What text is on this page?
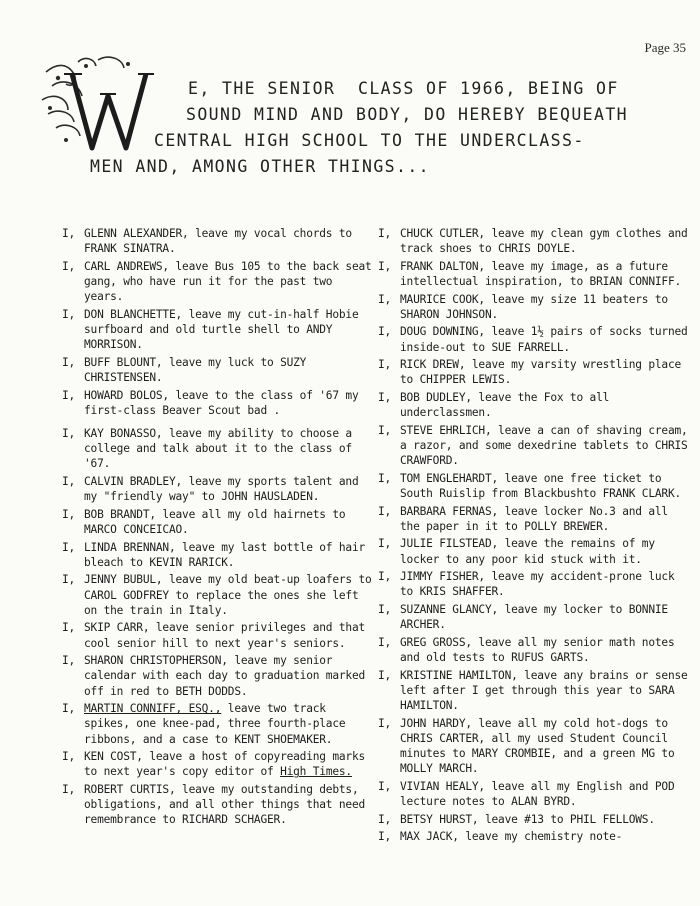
Page 35
E, THE SENIOR  CLASS OF 1966, BEING OF
SOUND MIND AND BODY, DO HEREBY BEQUEATH
CENTRAL HIGH SCHOOL TO THE UNDERCLASS-
MEN AND, AMONG OTHER THINGS...
I, GLENN ALEXANDER, leave my vocal chords to FRANK SINATRA.
I, CARL ANDREWS, leave Bus 105 to the back seat gang, who have run it for the past two years.
I, DON BLANCHETTE, leave my cut-in-half Hobie surfboard and old turtle shell to ANDY MORRISON.
I, BUFF BLOUNT, leave my luck to SUZY CHRISTENSEN.
I, HOWARD BOLOS, leave to the class of '67 my first-class Beaver Scout bad .
I, KAY BONASSO, leave my ability to choose a college and talk about it to the class of '67.
I, CALVIN BRADLEY, leave my sports talent and my "friendly way" to JOHN HAUSLADEN.
I, BOB BRANDT, leave all my old hairnets to MARCO CONCEICAO.
I, LINDA BRENNAN, leave my last bottle of hair bleach to KEVIN RARICK.
I, JENNY BUBUL, leave my old beat-up loafers to CAROL GODFREY to replace the ones she left on the train in Italy.
I, SKIP CARR, leave senior privileges and that cool senior hill to next year's seniors.
I, SHARON CHRISTOPHERSON, leave my senior calendar with each day to graduation marked off in red to BETH DODDS.
I, MARTIN CONNIFF, ESQ., leave two track spikes, one knee-pad, three fourth-place ribbons, and a case to KENT SHOEMAKER.
I, KEN COST, leave a host of copyreading marks to next year's copy editor of High Times.
I, ROBERT CURTIS, leave my outstanding debts, obligations, and all other things that need remembrance to RICHARD SCHAGER.
I, CHUCK CUTLER, leave my clean gym clothes and track shoes to CHRIS DOYLE.
I, FRANK DALTON, leave my image, as a future intellectual inspiration, to BRIAN CONNIFF.
I, MAURICE COOK, leave my size 11 beaters to SHARON JOHNSON.
I, DOUG DOWNING, leave 1½ pairs of socks turned inside-out to SUE FARRELL.
I, RICK DREW, leave my varsity wrestling place to CHIPPER LEWIS.
I, BOB DUDLEY, leave the Fox to all underclassmen.
I, STEVE EHRLICH, leave a can of shaving cream, a razor, and some dexedrine tablets to CHRIS CRAWFORD.
I, TOM ENGLEHARDT, leave one free ticket to South Ruislip from Blackbushto FRANK CLARK.
I, BARBARA FERNAS, leave locker No.3 and all the paper in it to POLLY BREWER.
I, JULIE FILSTEAD, leave the remains of my locker to any poor kid stuck with it.
I, JIMMY FISHER, leave my accident-prone luck to KRIS SHAFFER.
I, SUZANNE GLANCY, leave my locker to BONNIE ARCHER.
I, GREG GROSS, leave all my senior math notes and old tests to RUFUS GARTS.
I, KRISTINE HAMILTON, leave any brains or sense left after I get through this year to SARA HAMILTON.
I, JOHN HARDY, leave all my cold hot-dogs to CHRIS CARTER, all my used Student Council minutes to MARY CROMBIE, and a green MG to MOLLY MARCH.
I, VIVIAN HEALY, leave all my English and POD lecture notes to ALAN BYRD.
I, BETSY HURST, leave #13 to PHIL FELLOWS.
I, MAX JACK, leave my chemistry note-
